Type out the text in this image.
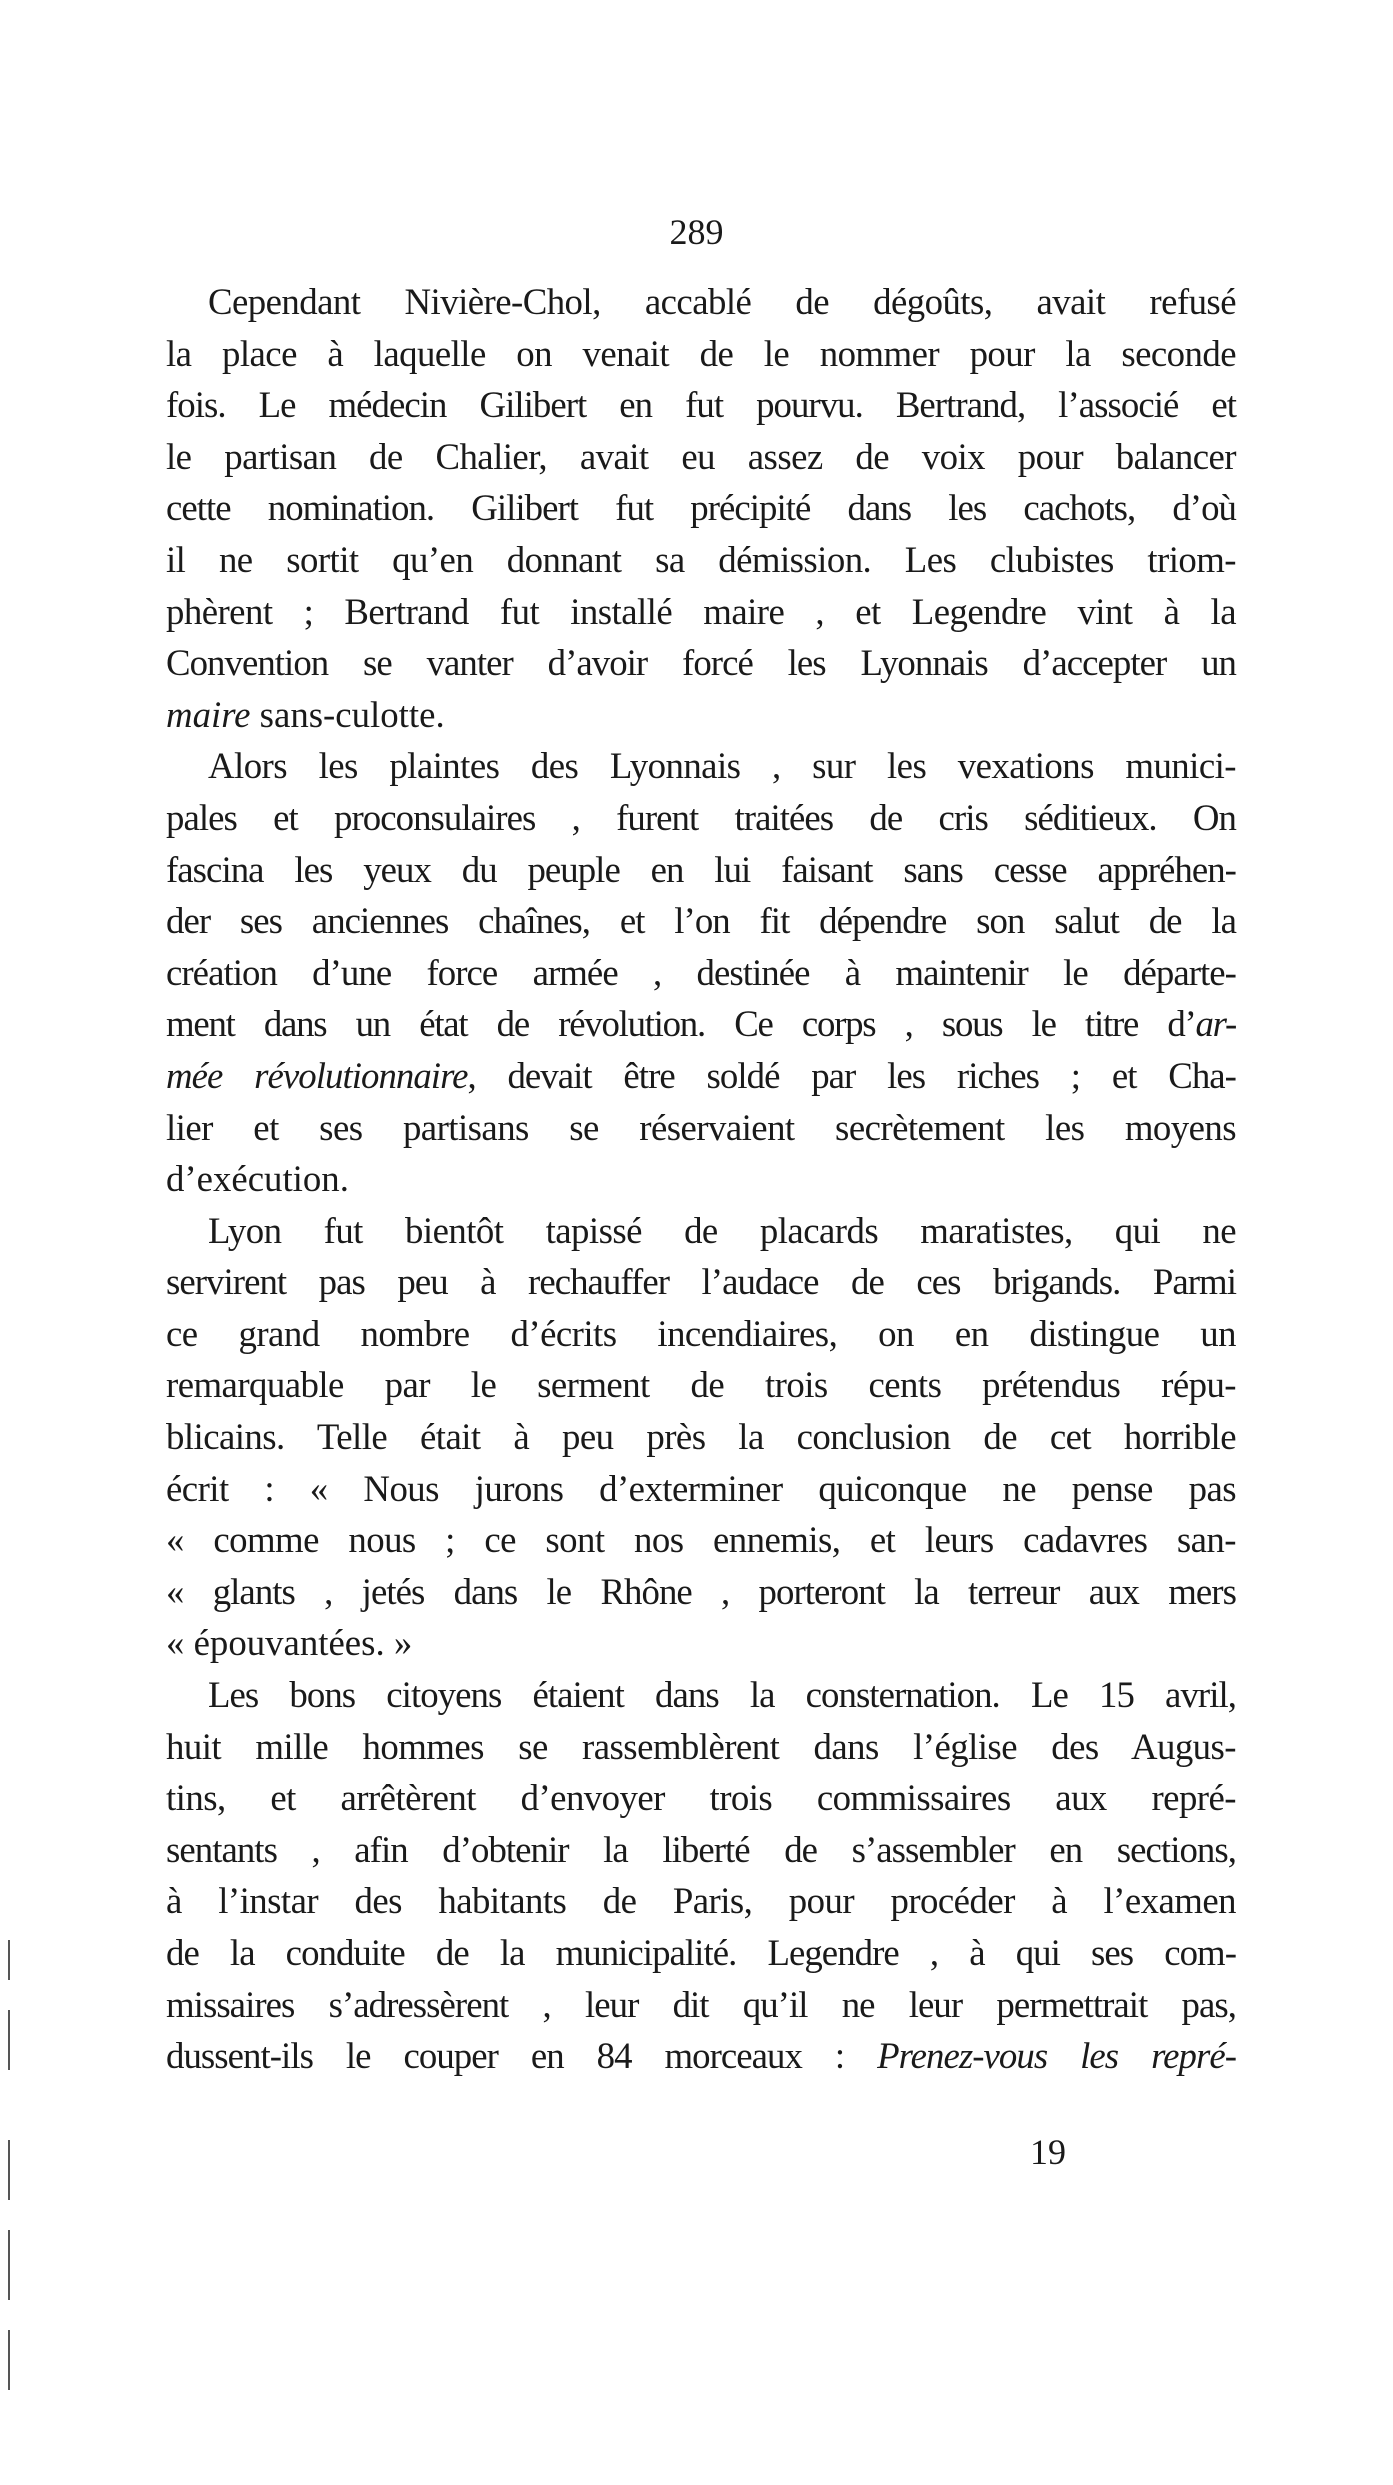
289
Cependant Nivière-Chol, accablé de dégoûts, avait refusé
la place à laquelle on venait de le nommer pour la seconde
fois. Le médecin Gilibert en fut pourvu. Bertrand, l’associé et
le partisan de Chalier, avait eu assez de voix pour balancer
cette nomination. Gilibert fut précipité dans les cachots, d’où
il ne sortit qu’en donnant sa démission. Les clubistes triom-
phèrent ; Bertrand fut installé maire , et Legendre vint à la
Convention se vanter d’avoir forcé les Lyonnais d’accepter un
maire sans-culotte.
Alors les plaintes des Lyonnais , sur les vexations munici-
pales et proconsulaires , furent traitées de cris séditieux. On
fascina les yeux du peuple en lui faisant sans cesse appréhen-
der ses anciennes chaînes, et l’on fit dépendre son salut de la
création d’une force armée , destinée à maintenir le départe-
ment dans un état de révolution. Ce corps , sous le titre d’ar-
mée révolutionnaire, devait être soldé par les riches ; et Cha-
lier et ses partisans se réservaient secrètement les moyens
d’exécution.
Lyon fut bientôt tapissé de placards maratistes, qui ne
servirent pas peu à rechauffer l’audace de ces brigands. Parmi
ce grand nombre d’écrits incendiaires, on en distingue un
remarquable par le serment de trois cents prétendus répu-
blicains. Telle était à peu près la conclusion de cet horrible
écrit : « Nous jurons d’exterminer quiconque ne pense pas
« comme nous ; ce sont nos ennemis, et leurs cadavres san-
« glants , jetés dans le Rhône , porteront la terreur aux mers
« épouvantées. »
Les bons citoyens étaient dans la consternation. Le 15 avril,
huit mille hommes se rassemblèrent dans l’église des Augus-
tins, et arrêtèrent d’envoyer trois commissaires aux repré-
sentants , afin d’obtenir la liberté de s’assembler en sections,
à l’instar des habitants de Paris, pour procéder à l’examen
de la conduite de la municipalité. Legendre , à qui ses com-
missaires s’adressèrent , leur dit qu’il ne leur permettrait pas,
dussent-ils le couper en 84 morceaux : Prenez-vous les repré-
19
